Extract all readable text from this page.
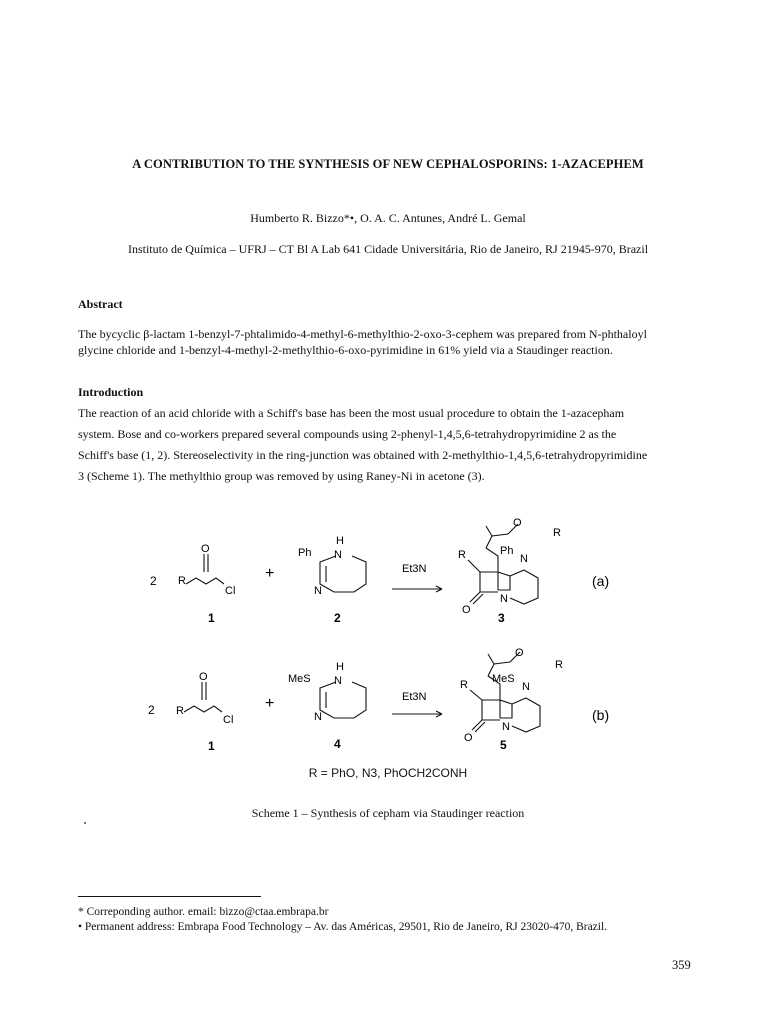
A CONTRIBUTION TO THE SYNTHESIS OF NEW CEPHALOSPORINS: 1-AZACEPHEM
Humberto R. Bizzo*•, O. A. C. Antunes, André L. Gemal
Instituto de Química – UFRJ – CT Bl A Lab 641 Cidade Universitária, Rio de Janeiro, RJ 21945-970, Brazil
Abstract
The bycyclic β-lactam 1-benzyl-7-phtalimido-4-methyl-6-methylthio-2-oxo-3-cephem was prepared from N-phthaloyl
glycine chloride and 1-benzyl-4-methyl-2-methylthio-6-oxo-pyrimidine in 61% yield via a Staudinger reaction.
Introduction
The reaction of an acid chloride with a Schiff's base has been the most usual procedure to obtain the 1-azacepham
system. Bose and co-workers prepared several compounds using 2-phenyl-1,4,5,6-tetrahydropyrimidine 2 as the
Schiff's base (1, 2). Stereoselectivity in the ring-junction was obtained with 2-methylthio-1,4,5,6-tetrahydropyrimidine
3 (Scheme 1). The methylthio group was removed by using Raney-Ni in acetone (3).
2
O
R
Cl
1
+
Ph
H
N
N
2
Et3N
O
R
R	Ph
N
N
O
3
(a)
2
O
R
Cl
1
+
MeS
H
N
N
4
Et3N
O
R
R MeS
N
N
O 5
(b)
R = PhO, N3, PhOCH2CONH
Scheme 1 – Synthesis of cepham via Staudinger reaction
* Correponding author. email: bizzo@ctaa.embrapa.br
• Permanent address: Embrapa Food Technology – Av. das Américas, 29501, Rio de Janeiro, RJ 23020-470, Brazil.
359
